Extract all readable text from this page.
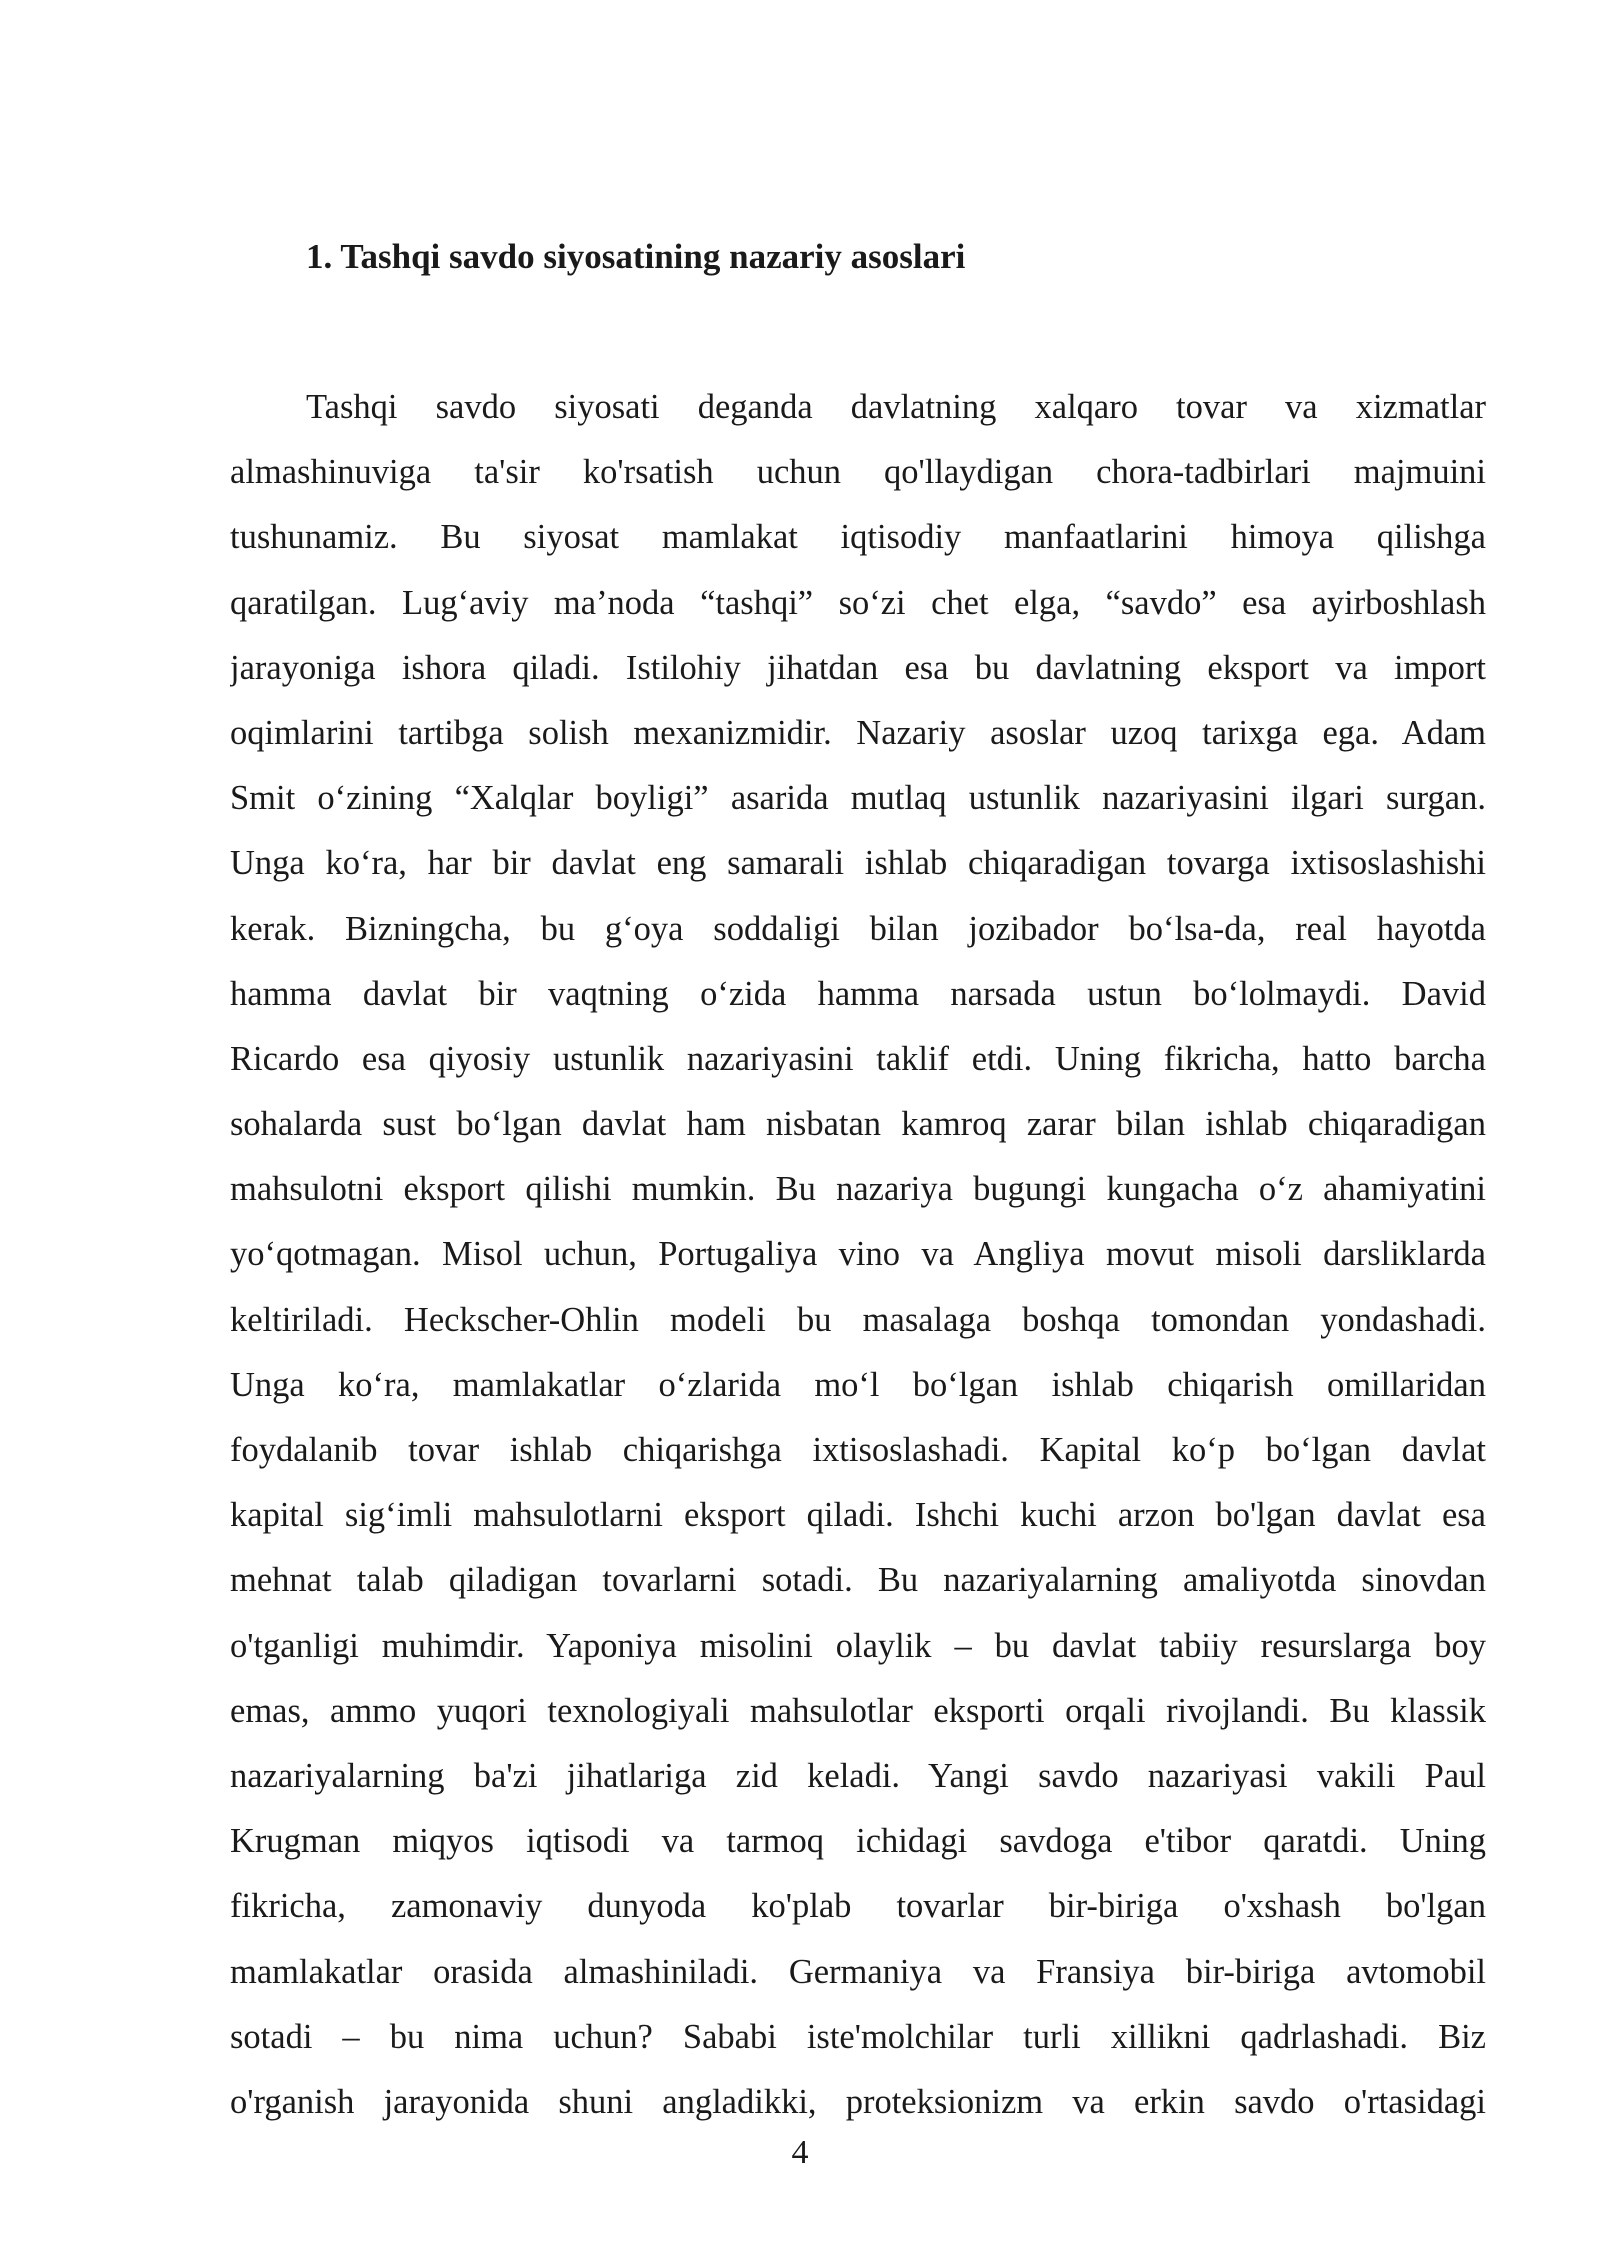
1. Tashqi savdo siyosatining nazariy asoslari
Tashqi savdo siyosati deganda davlatning xalqaro tovar va xizmatlar
almashinuviga ta'sir ko'rsatish uchun qo'llaydigan chora-tadbirlari majmuini
tushunamiz. Bu siyosat mamlakat iqtisodiy manfaatlarini himoya qilishga
qaratilgan. Lug‘aviy ma’noda “tashqi” so‘zi chet elga, “savdo” esa ayirboshlash
jarayoniga ishora qiladi. Istilohiy jihatdan esa bu davlatning eksport va import
oqimlarini tartibga solish mexanizmidir. Nazariy asoslar uzoq tarixga ega. Adam
Smit o‘zining “Xalqlar boyligi” asarida mutlaq ustunlik nazariyasini ilgari surgan.
Unga ko‘ra, har bir davlat eng samarali ishlab chiqaradigan tovarga ixtisoslashishi
kerak. Bizningcha, bu g‘oya soddaligi bilan jozibador bo‘lsa-da, real hayotda
hamma davlat bir vaqtning o‘zida hamma narsada ustun bo‘lolmaydi. David
Ricardo esa qiyosiy ustunlik nazariyasini taklif etdi. Uning fikricha, hatto barcha
sohalarda sust bo‘lgan davlat ham nisbatan kamroq zarar bilan ishlab chiqaradigan
mahsulotni eksport qilishi mumkin. Bu nazariya bugungi kungacha o‘z ahamiyatini
yo‘qotmagan. Misol uchun, Portugaliya vino va Angliya movut misoli darsliklarda
keltiriladi. Heckscher-Ohlin modeli bu masalaga boshqa tomondan yondashadi.
Unga ko‘ra, mamlakatlar o‘zlarida mo‘l bo‘lgan ishlab chiqarish omillaridan
foydalanib tovar ishlab chiqarishga ixtisoslashadi. Kapital ko‘p bo‘lgan davlat
kapital sig‘imli mahsulotlarni eksport qiladi. Ishchi kuchi arzon bo'lgan davlat esa
mehnat talab qiladigan tovarlarni sotadi. Bu nazariyalarning amaliyotda sinovdan
o'tganligi muhimdir. Yaponiya misolini olaylik – bu davlat tabiiy resurslarga boy
emas, ammo yuqori texnologiyali mahsulotlar eksporti orqali rivojlandi. Bu klassik
nazariyalarning ba'zi jihatlariga zid keladi. Yangi savdo nazariyasi vakili Paul
Krugman miqyos iqtisodi va tarmoq ichidagi savdoga e'tibor qaratdi. Uning
fikricha, zamonaviy dunyoda ko'plab tovarlar bir-biriga o'xshash bo'lgan
mamlakatlar orasida almashiniladi. Germaniya va Fransiya bir-biriga avtomobil
sotadi – bu nima uchun? Sababi iste'molchilar turli xillikni qadrlashadi. Biz
o'rganish jarayonida shuni angladikki, proteksionizm va erkin savdo o'rtasidagi
4
